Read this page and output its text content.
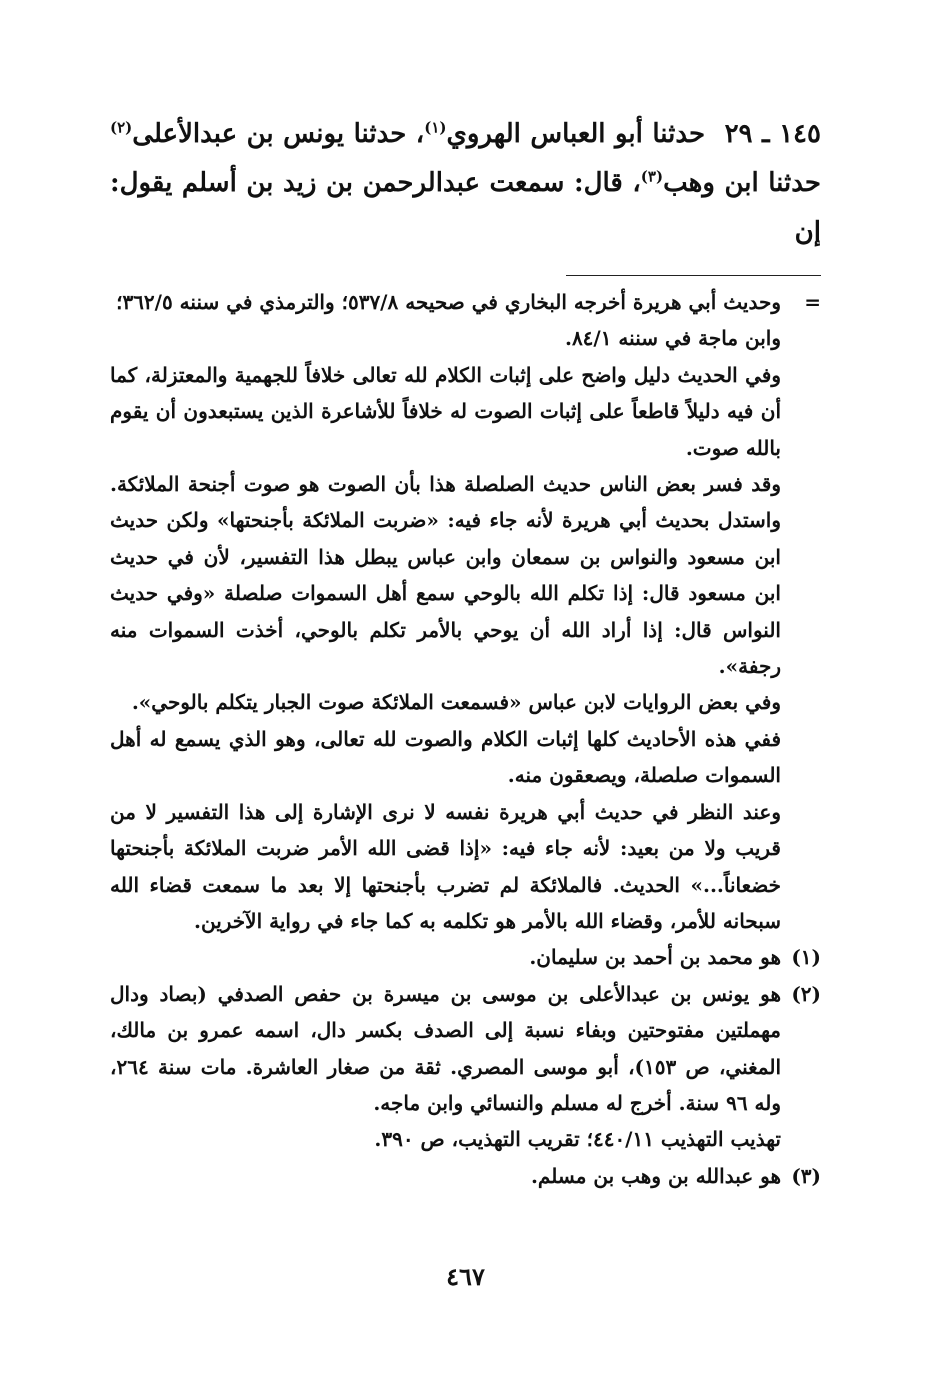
١٤٥ ـ ٢٩ حدثنا أبو العباس الهروي$^{(١)}$، حدثنا يونس بن عبدالأعلى$^{(٢)}$ حدثنا ابن وهب$^{(٣)}$، قال: سمعت عبدالرحمن بن زيد بن أسلم يقول: إن
=
وحديث أبي هريرة أخرجه البخاري في صحيحه ٥٣٧/٨؛ والترمذي في سننه ٣٦٢/٥؛ وابن ماجة في سننه ٨٤/١.
وفي الحديث دليل واضح على إثبات الكلام لله تعالى خلافاً للجهمية والمعتزلة، كما أن فيه دليلاً قاطعاً على إثبات الصوت له خلافاً للأشاعرة الذين يستبعدون أن يقوم بالله صوت.
وقد فسر بعض الناس حديث الصلصلة هذا بأن الصوت هو صوت أجنحة الملائكة. واستدل بحديث أبي هريرة لأنه جاء فيه: «ضربت الملائكة بأجنحتها» ولكن حديث ابن مسعود والنواس بن سمعان وابن عباس يبطل هذا التفسير، لأن في حديث ابن مسعود قال: إذا تكلم الله بالوحي سمع أهل السموات صلصلة «وفي حديث النواس قال: إذا أراد الله أن يوحي بالأمر تكلم بالوحي، أخذت السموات منه رجفة».
وفي بعض الروايات لابن عباس «فسمعت الملائكة صوت الجبار يتكلم بالوحي».
ففي هذه الأحاديث كلها إثبات الكلام والصوت لله تعالى، وهو الذي يسمع له أهل السموات صلصلة، ويصعقون منه.
وعند النظر في حديث أبي هريرة نفسه لا نرى الإشارة إلى هذا التفسير لا من قريب ولا من بعيد: لأنه جاء فيه: «إذا قضى الله الأمر ضربت الملائكة بأجنحتها خضعاناً...» الحديث. فالملائكة لم تضرب بأجنحتها إلا بعد ما سمعت قضاء الله سبحانه للأمر، وقضاء الله بالأمر هو تكلمه به كما جاء في رواية الآخرين.
(١)
هو محمد بن أحمد بن سليمان.
(٢)
هو يونس بن عبدالأعلى بن موسى بن ميسرة بن حفص الصدفي (بصاد ودال مهملتين مفتوحتين وبفاء نسبة إلى الصدف بكسر دال، اسمه عمرو بن مالك، المغني، ص ١٥٣)، أبو موسى المصري. ثقة من صغار العاشرة. مات سنة ٢٦٤، وله ٩٦ سنة. أخرج له مسلم والنسائي وابن ماجه.
تهذيب التهذيب ٤٤٠/١١؛ تقريب التهذيب، ص ٣٩٠.
(٣)
هو عبدالله بن وهب بن مسلم.
٤٦٧
